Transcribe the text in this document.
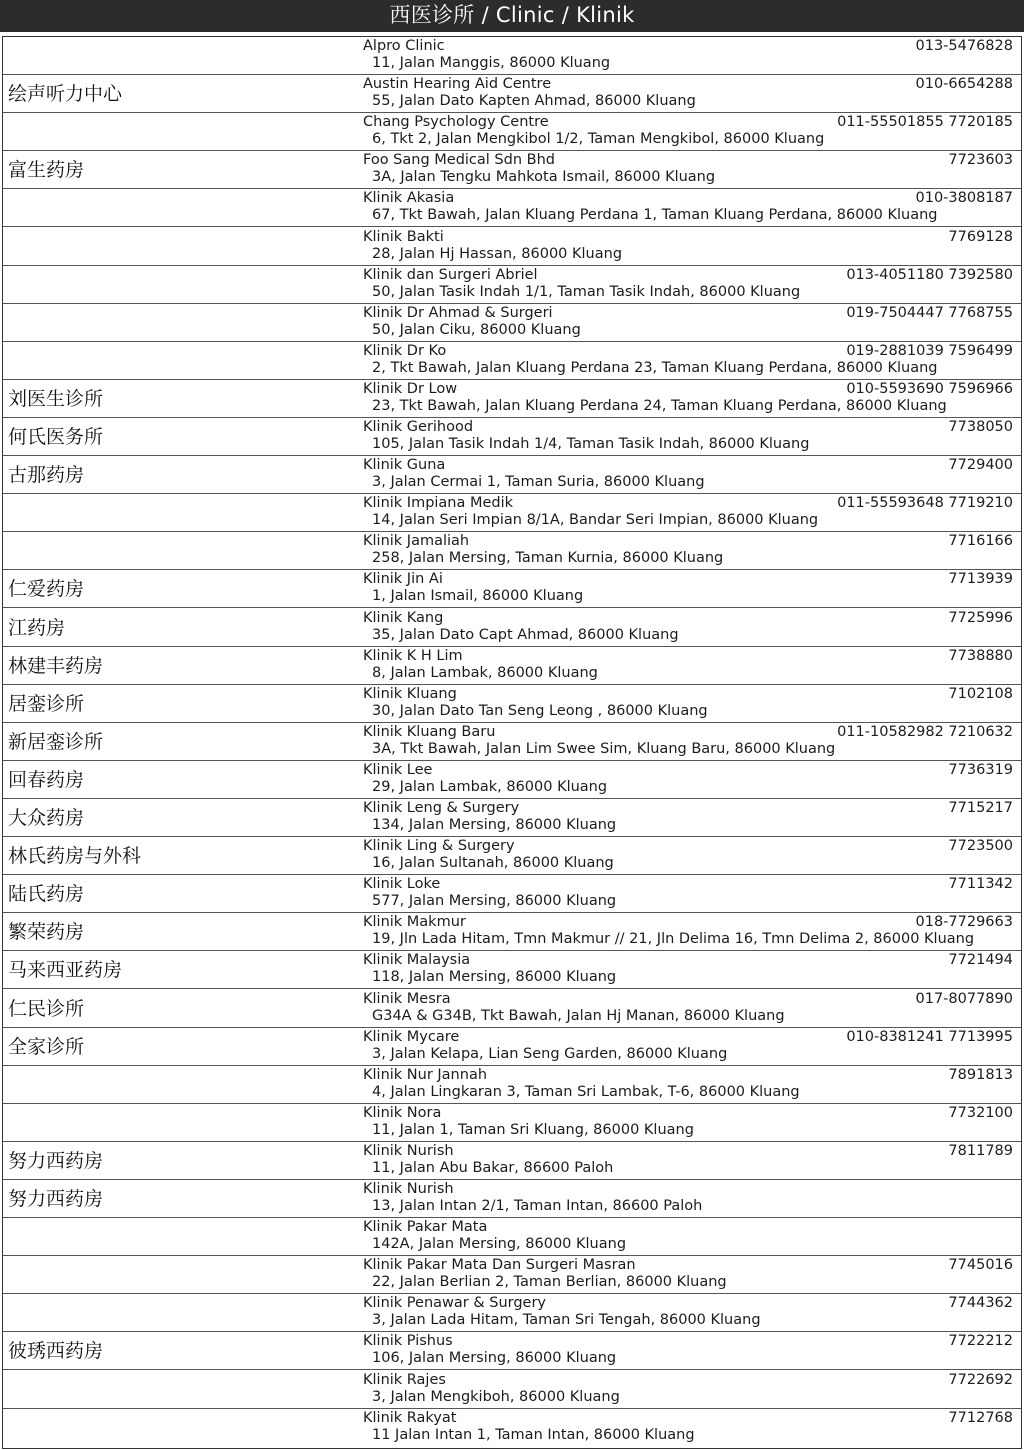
西医诊所 / Clinic / Klinik
Alpro Clinic	013-5476828
11, Jalan Manggis, 86000 Kluang
绘声听力中心	Austin Hearing Aid Centre	010-6654288
55, Jalan Dato Kapten Ahmad, 86000 Kluang
Chang Psychology Centre	011-55501855 7720185
6, Tkt 2, Jalan Mengkibol 1/2, Taman Mengkibol, 86000 Kluang
富生药房	Foo Sang Medical Sdn Bhd	7723603
3A, Jalan Tengku Mahkota Ismail, 86000 Kluang
Klinik Akasia	010-3808187
67, Tkt Bawah, Jalan Kluang Perdana 1, Taman Kluang Perdana, 86000 Kluang
Klinik Bakti	7769128
28, Jalan Hj Hassan, 86000 Kluang
Klinik dan Surgeri Abriel	013-4051180 7392580
50, Jalan Tasik Indah 1/1, Taman Tasik Indah, 86000 Kluang
Klinik Dr Ahmad & Surgeri	019-7504447 7768755
50, Jalan Ciku, 86000 Kluang
Klinik Dr Ko	019-2881039 7596499
2, Tkt Bawah, Jalan Kluang Perdana 23, Taman Kluang Perdana, 86000 Kluang
刘医生诊所	Klinik Dr Low	010-5593690 7596966
23, Tkt Bawah, Jalan Kluang Perdana 24, Taman Kluang Perdana, 86000 Kluang
何氏医务所	Klinik Gerihood	7738050
105, Jalan Tasik Indah 1/4, Taman Tasik Indah, 86000 Kluang
古那药房	Klinik Guna	7729400
3, Jalan Cermai 1, Taman Suria, 86000 Kluang
Klinik Impiana Medik	011-55593648 7719210
14, Jalan Seri Impian 8/1A, Bandar Seri Impian, 86000 Kluang
Klinik Jamaliah	7716166
258, Jalan Mersing, Taman Kurnia, 86000 Kluang
仁爱药房	Klinik Jin Ai	7713939
1, Jalan Ismail, 86000 Kluang
江药房	Klinik Kang	7725996
35, Jalan Dato Capt Ahmad, 86000 Kluang
林建丰药房	Klinik K H Lim	7738880
8, Jalan Lambak, 86000 Kluang
居銮诊所	Klinik Kluang	7102108
30, Jalan Dato Tan Seng Leong , 86000 Kluang
新居銮诊所	Klinik Kluang Baru	011-10582982 7210632
3A, Tkt Bawah, Jalan Lim Swee Sim, Kluang Baru, 86000 Kluang
回春药房	Klinik Lee	7736319
29, Jalan Lambak, 86000 Kluang
大众药房	Klinik Leng & Surgery	7715217
134, Jalan Mersing, 86000 Kluang
林氏药房与外科	Klinik Ling & Surgery	7723500
16, Jalan Sultanah, 86000 Kluang
陆氏药房	Klinik Loke	7711342
577, Jalan Mersing, 86000 Kluang
繁荣药房	Klinik Makmur	018-7729663
19, Jln Lada Hitam, Tmn Makmur // 21, Jln Delima 16, Tmn Delima 2, 86000 Kluang
马来西亚药房	Klinik Malaysia	7721494
118, Jalan Mersing, 86000 Kluang
仁民诊所	Klinik Mesra	017-8077890
G34A & G34B, Tkt Bawah, Jalan Hj Manan, 86000 Kluang
全家诊所	Klinik Mycare	010-8381241 7713995
3, Jalan Kelapa, Lian Seng Garden, 86000 Kluang
Klinik Nur Jannah	7891813
4, Jalan Lingkaran 3, Taman Sri Lambak, T-6, 86000 Kluang
Klinik Nora	7732100
11, Jalan 1, Taman Sri Kluang, 86000 Kluang
努力西药房	Klinik Nurish	7811789
11, Jalan Abu Bakar, 86600 Paloh
努力西药房	Klinik Nurish
13, Jalan Intan 2/1, Taman Intan, 86600 Paloh
Klinik Pakar Mata
142A, Jalan Mersing, 86000 Kluang
Klinik Pakar Mata Dan Surgeri Masran	7745016
22, Jalan Berlian 2, Taman Berlian, 86000 Kluang
Klinik Penawar & Surgery	7744362
3, Jalan Lada Hitam, Taman Sri Tengah, 86000 Kluang
彼琇西药房	Klinik Pishus	7722212
106, Jalan Mersing, 86000 Kluang
Klinik Rajes	7722692
3, Jalan Mengkiboh, 86000 Kluang
Klinik Rakyat	7712768
11 Jalan Intan 1, Taman Intan, 86000 Kluang
